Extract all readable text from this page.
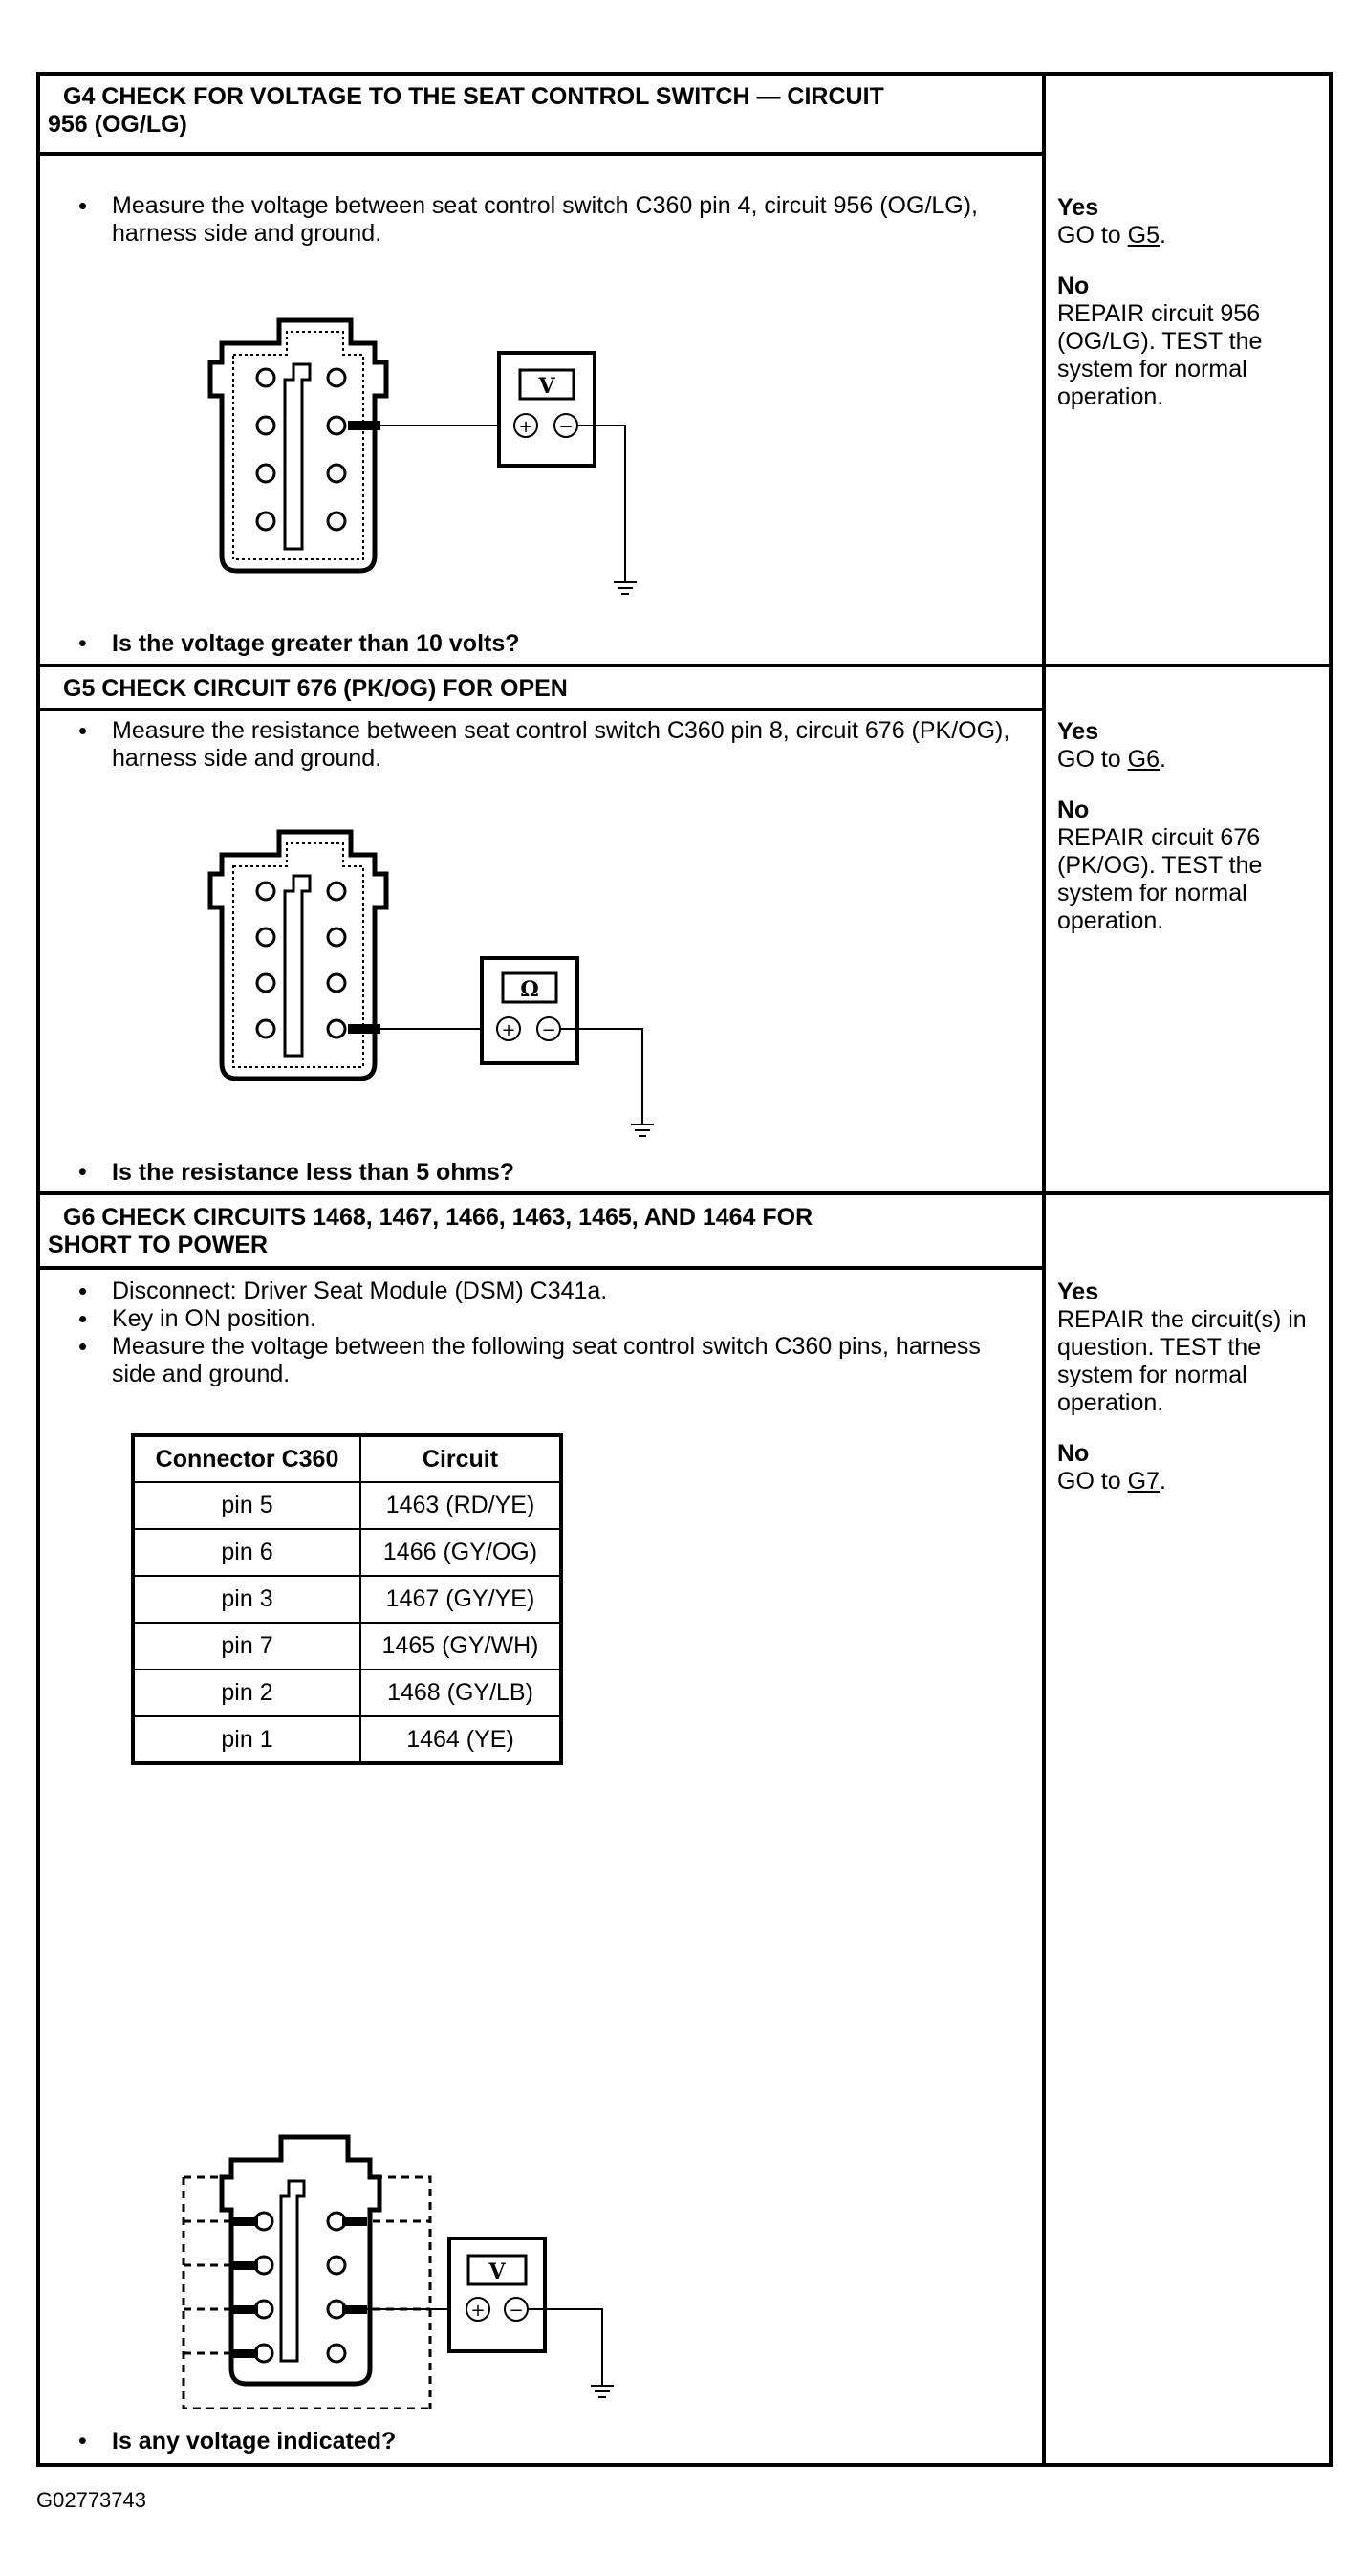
G4 CHECK FOR VOLTAGE TO THE SEAT CONTROL SWITCH — CIRCUIT
956 (OG/LG)
• Measure the voltage between seat control switch C360 pin 4, circuit 956 (OG/LG), harness side and ground.
V
+ −
• Is the voltage greater than 10 volts?
Yes
GO to G5.
No
REPAIR circuit 956 (OG/LG). TEST the system for normal operation.
G5 CHECK CIRCUIT 676 (PK/OG) FOR OPEN
• Measure the resistance between seat control switch C360 pin 8, circuit 676 (PK/OG), harness side and ground.
Ω
+ −
• Is the resistance less than 5 ohms?
Yes
GO to G6.
No
REPAIR circuit 676 (PK/OG). TEST the system for normal operation.
G6 CHECK CIRCUITS 1468, 1467, 1466, 1463, 1465, AND 1464 FOR
SHORT TO POWER
• Disconnect: Driver Seat Module (DSM) C341a.
• Key in ON position.
• Measure the voltage between the following seat control switch C360 pins, harness side and ground.
Connector C360	Circuit
pin 5	1463 (RD/YE)
pin 6	1466 (GY/OG)
pin 3	1467 (GY/YE)
pin 7	1465 (GY/WH)
pin 2	1468 (GY/LB)
pin 1	1464 (YE)
V
+ −
• Is any voltage indicated?
Yes
REPAIR the circuit(s) in question. TEST the system for normal operation.
No
GO to G7.
G02773743
